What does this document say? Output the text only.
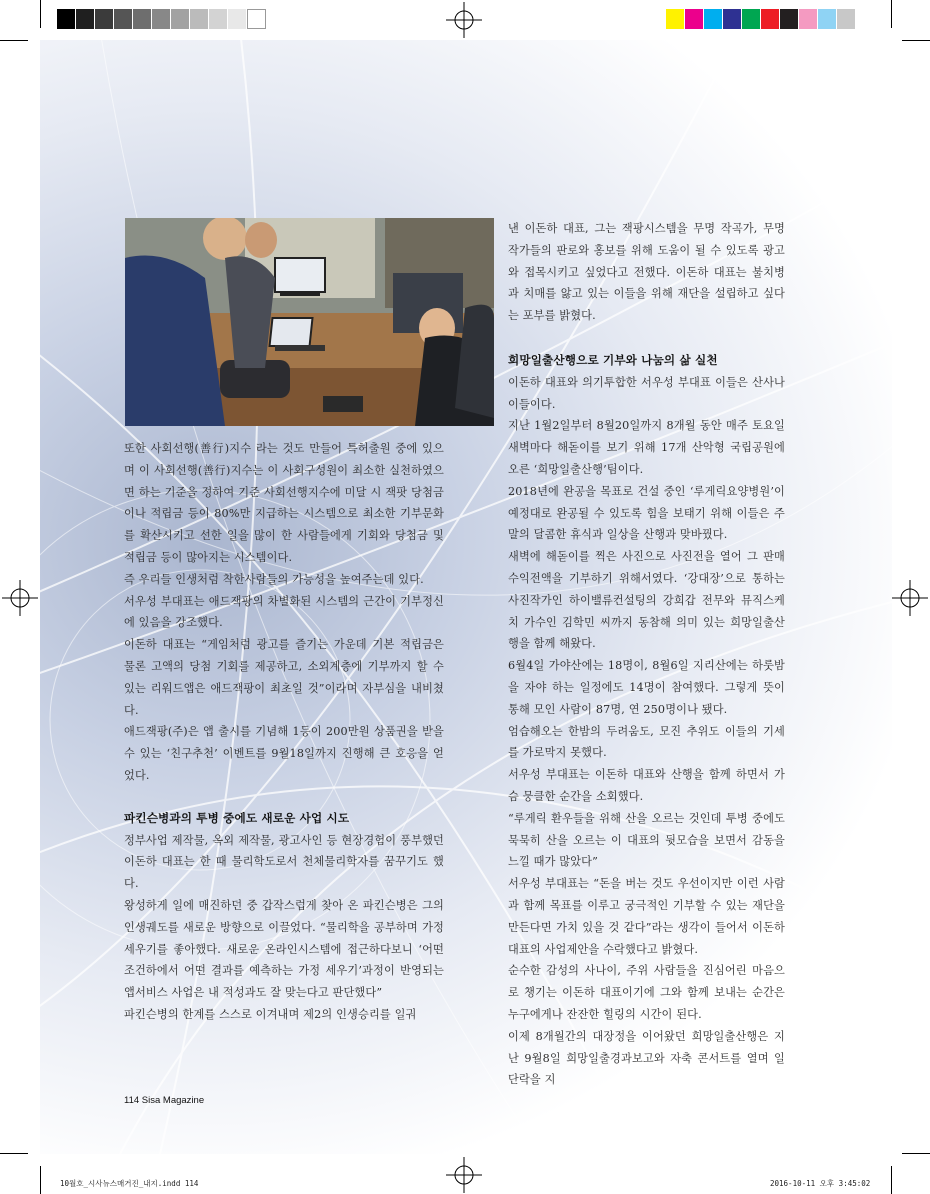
낸 이돈하 대표, 그는 잭팡시스템을 무명 작곡가, 무명 작가들의 판로와 홍보를 위해 도움이 될 수 있도록 광고와 접목시키고 싶었다고 전했다. 이돈하 대표는 불치병과 치매를 앓고 있는 이들을 위해 재단을 설립하고 싶다는 포부를 밝혔다.

희망일출산행으로 기부와 나눔의 삶 실천

이돈하 대표와 의기투합한 서우성 부대표 이들은 산사나이들이다.

지난 1월2일부터 8월20일까지 8개월 동안 매주 토요일 새벽마다 해돋이를 보기 위해 17개 산악형 국립공원에 오른 ‘희망일출산행’팀이다.

2018년에 완공을 목표로 건설 중인 ‘루게릭요양병원’이 예정대로 완공될 수 있도록 힘을 보태기 위해 이들은 주말의 달콤한 휴식과 일상을 산행과 맞바꿨다.

새벽에 해돋이를 찍은 사진으로 사진전을 열어 그 판매수익전액을 기부하기 위해서였다. ‘강대장’으로 통하는 사진작가인 하이밸류컨설팅의 강희갑 전무와 뮤직스케치 가수인 김학민 씨까지 동참해 의미 있는 희망일출산행을 함께 해왔다.

6월4일 가야산에는 18명이, 8월6일 지리산에는 하룻밤을 자야 하는 일정에도 14명이 참여했다. 그렇게 뜻이 통해 모인 사람이 87명, 연 250명이나 됐다.

엄습해오는 한밤의 두려움도, 모진 추위도 이들의 기세를 가로막지 못했다.

서우성 부대표는 이돈하 대표와 산행을 함께 하면서 가슴 뭉클한 순간을 소회했다.

“루게릭 환우들을 위해 산을 오르는 것인데 투병 중에도 묵묵히 산을 오르는 이 대표의 뒷모습을 보면서 감동을 느낄 때가 많았다”

서우성 부대표는 “돈을 버는 것도 우선이지만 이런 사람과 함께 목표를 이루고 궁극적인 기부할 수 있는 재단을 만든다면 가치 있을 것 같다”라는 생각이 들어서 이돈하 대표의 사업제안을 수락했다고 밝혔다.

순수한 감성의 사나이, 주위 사람들을 진심어린 마음으로 챙기는 이돈하 대표이기에 그와 함께 보내는 순간은 누구에게나 잔잔한 힐링의 시간이 된다.

이제 8개월간의 대장정을 이어왔던 희망일출산행은 지난 9월8일 희망일출경과보고와 자축 콘서트를 열며 일단락을 지

또한 사회선행(善行)지수 라는 것도 만들어 특허출원 중에 있으며 이 사회선행(善行)지수는 이 사회구성원이 최소한 실천하였으면 하는 기준을 정하여 기준 사회선행지수에 미달 시 잭팟 당첨금이나 적립금 등이 80%만 지급하는 시스템으로 최소한 기부문화를 확산시키고 선한 일을 많이 한 사람들에게 기회와 당첨금 및 적립금 등이 많아지는 시스템이다.

즉 우리들 인생처럼 착한사람들의 가능성을 높여주는데 있다.

서우성 부대표는 애드잭팡의 차별화된 시스템의 근간이 기부정신에 있음을 강조했다.

이돈하 대표는 “게임처럼 광고를 즐기는 가운데 기본 적립금은 물론 고액의 당첨 기회를 제공하고, 소외계층에 기부까지 할 수 있는 리워드앱은 애드잭팡이 최초일 것”이라며 자부심을 내비쳤다.

애드잭팡(주)은 앱 출시를 기념해 1등이 200만원 상품권을 받을 수 있는 ‘친구추천’ 이벤트를 9월18일까지 진행해 큰 호응을 얻었다.

파킨슨병과의 투병 중에도 새로운 사업 시도

정부사업 제작물, 옥외 제작물, 광고사인 등 현장경험이 풍부했던 이돈하 대표는 한 때 물리학도로서 천체물리학자를 꿈꾸기도 했다.

왕성하게 일에 매진하던 중 갑작스럽게 찾아 온 파킨슨병은 그의 인생궤도를 새로운 방향으로 이끌었다. “물리학을 공부하며 가정세우기를 좋아했다. 새로운 온라인시스템에 접근하다보니 ‘어떤 조건하에서 어떤 결과를 예측하는 가정 세우기’과정이 반영되는 앱서비스 사업은 내 적성과도 잘 맞는다고 판단했다”

파킨슨병의 한계를 스스로 이겨내며 제2의 인생승리를 일궈

114 Sisa Magazine
10월호_시사뉴스매거진_내지.indd 114	2016-10-11 오후 3:45:02
